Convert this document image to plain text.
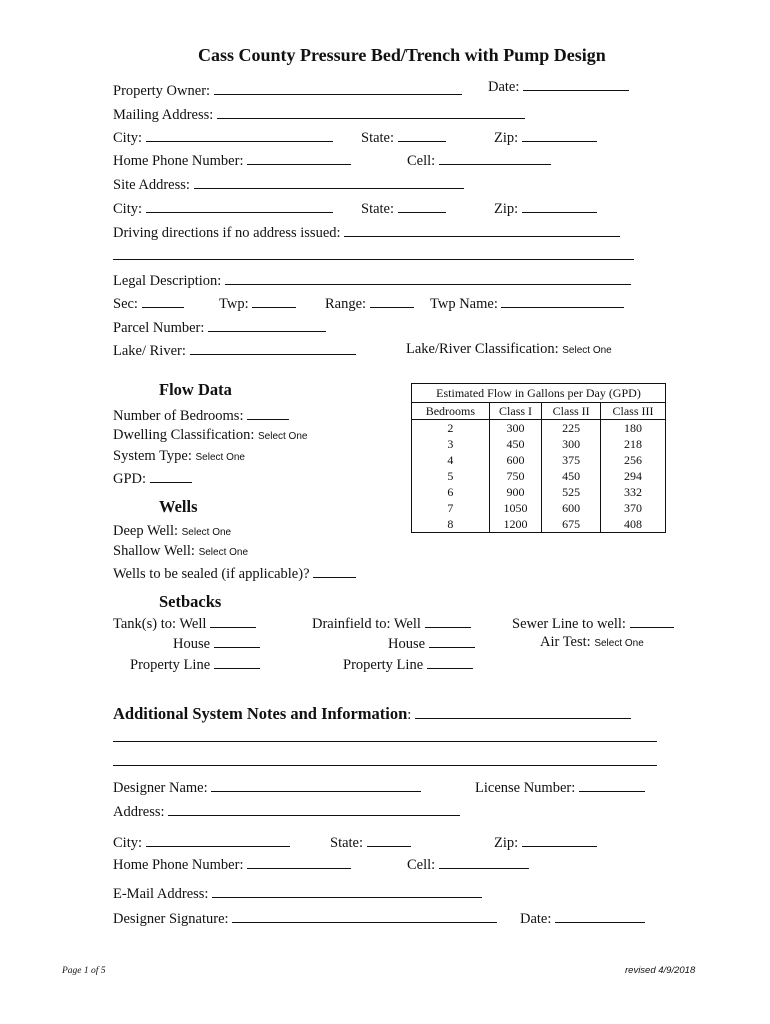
Cass County Pressure Bed/Trench with Pump Design
Property Owner:	Date:
Mailing Address:
City:	State:	Zip:
Home Phone Number:	Cell:
Site Address:
City:	State:	Zip:
Driving directions if no address issued:
Legal Description:
Sec:	Twp:	Range:	Twp Name:
Parcel Number:
Lake/ River:	Lake/River Classification: Select One
Flow Data
Number of Bedrooms:
Dwelling Classification: Select One
System Type: Select One
GPD:
Estimated Flow in Gallons per Day (GPD)			
Bedrooms	Class I	Class II	Class III
2	300	225	180
3	450	300	218
4	600	375	256
5	750	450	294
6	900	525	332
7	1050	600	370
8	1200	675	408
Wells
Deep Well: Select One
Shallow Well: Select One
Wells to be sealed (if applicable)?
Setbacks
Tank(s) to: Well
House
Property Line
Drainfield to: Well
House
Property Line
Sewer Line to well:
Air Test: Select One
Additional System Notes and Information:
Designer Name:	License Number:
Address:
City:	State:	Zip:
Home Phone Number:	Cell:
E-Mail Address:
Designer Signature:	Date:
Page 1 of 5	revised 4/9/2018
